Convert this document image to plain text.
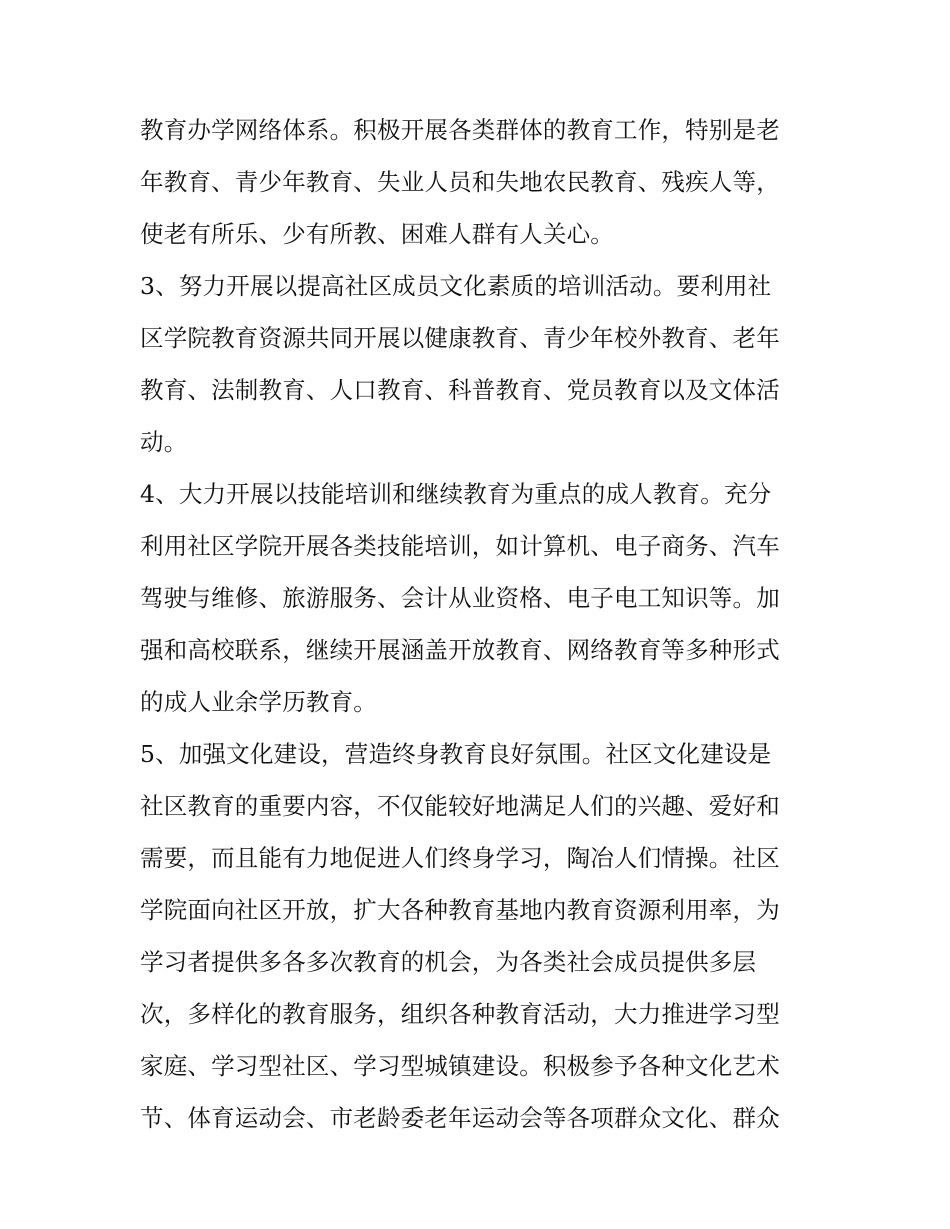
教育办学网络体系。积极开展各类群体的教育工作，特别是老
年教育、青少年教育、失业人员和失地农民教育、残疾人等，
使老有所乐、少有所教、困难人群有人关心。
3、努力开展以提高社区成员文化素质的培训活动。要利用社
区学院教育资源共同开展以健康教育、青少年校外教育、老年
教育、法制教育、人口教育、科普教育、党员教育以及文体活
动。
4、大力开展以技能培训和继续教育为重点的成人教育。充分
利用社区学院开展各类技能培训，如计算机、电子商务、汽车
驾驶与维修、旅游服务、会计从业资格、电子电工知识等。加
强和高校联系，继续开展涵盖开放教育、网络教育等多种形式
的成人业余学历教育。
5、加强文化建设，营造终身教育良好氛围。社区文化建设是
社区教育的重要内容，不仅能较好地满足人们的兴趣、爱好和
需要，而且能有力地促进人们终身学习，陶冶人们情操。社区
学院面向社区开放，扩大各种教育基地内教育资源利用率，为
学习者提供多各多次教育的机会，为各类社会成员提供多层
次，多样化的教育服务，组织各种教育活动，大力推进学习型
家庭、学习型社区、学习型城镇建设。积极参予各种文化艺术
节、体育运动会、市老龄委老年运动会等各项群众文化、群众
